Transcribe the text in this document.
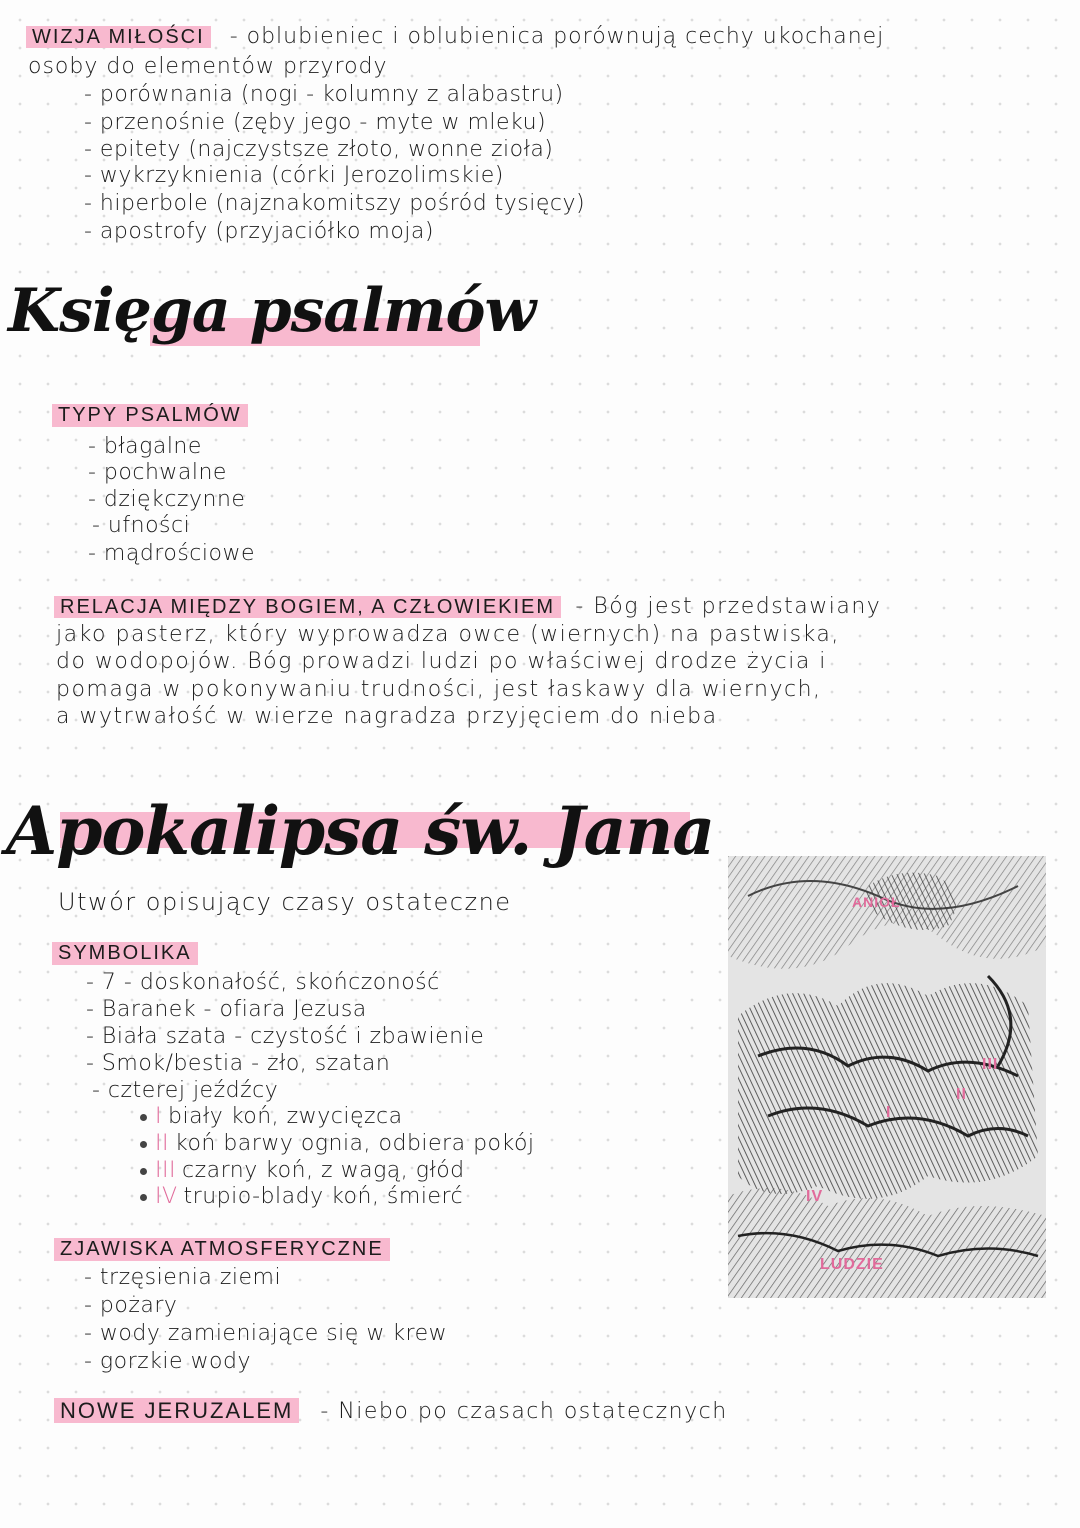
WIZJA MIŁOŚCI - oblubieniec i oblubienica porównują cechy ukochanej
osoby do elementów przyrody
- porównania (nogi - kolumny z alabastru)
- przenośnie (zęby jego - myte w mleku)
- epitety (najczystsze złoto, wonne zioła)
- wykrzyknienia (córki Jerozolimskie)
- hiperbole (najznakomitszy pośród tysięcy)
- apostrofy (przyjaciółko moja)
Księga psalmów
TYPY PSALMÓW
- błagalne
- pochwalne
- dziękczynne
- ufności
- mądrościowe
RELACJA MIĘDZY BOGIEM, A CZŁOWIEKIEM - Bóg jest przedstawiany
jako pasterz, który wyprowadza owce (wiernych) na pastwiska,
do wodopojów. Bóg prowadzi ludzi po właściwej drodze życia i
pomaga w pokonywaniu trudności, jest łaskawy dla wiernych,
a wytrwałość w wierze nagradza przyjęciem do nieba
Apokalipsa św. Jana
Utwór opisujący czasy ostateczne
SYMBOLIKA
- 7 - doskonałość, skończoność
- Baranek - ofiara Jezusa
- Biała szata - czystość i zbawienie
- Smok/bestia - zło, szatan
- czterej jeźdźcy
I biały koń, zwycięzca
II koń barwy ognia, odbiera pokój
III czarny koń, z wagą, głód
IV trupio-blady koń, śmierć
ZJAWISKA ATMOSFERYCZNE
- trzęsienia ziemi
- pożary
- wody zamieniające się w krew
- gorzkie wody
NOWE JERUZALEM - Niebo po czasach ostatecznych
ANIOŁ
I
II
III
IV
LUDZIE
